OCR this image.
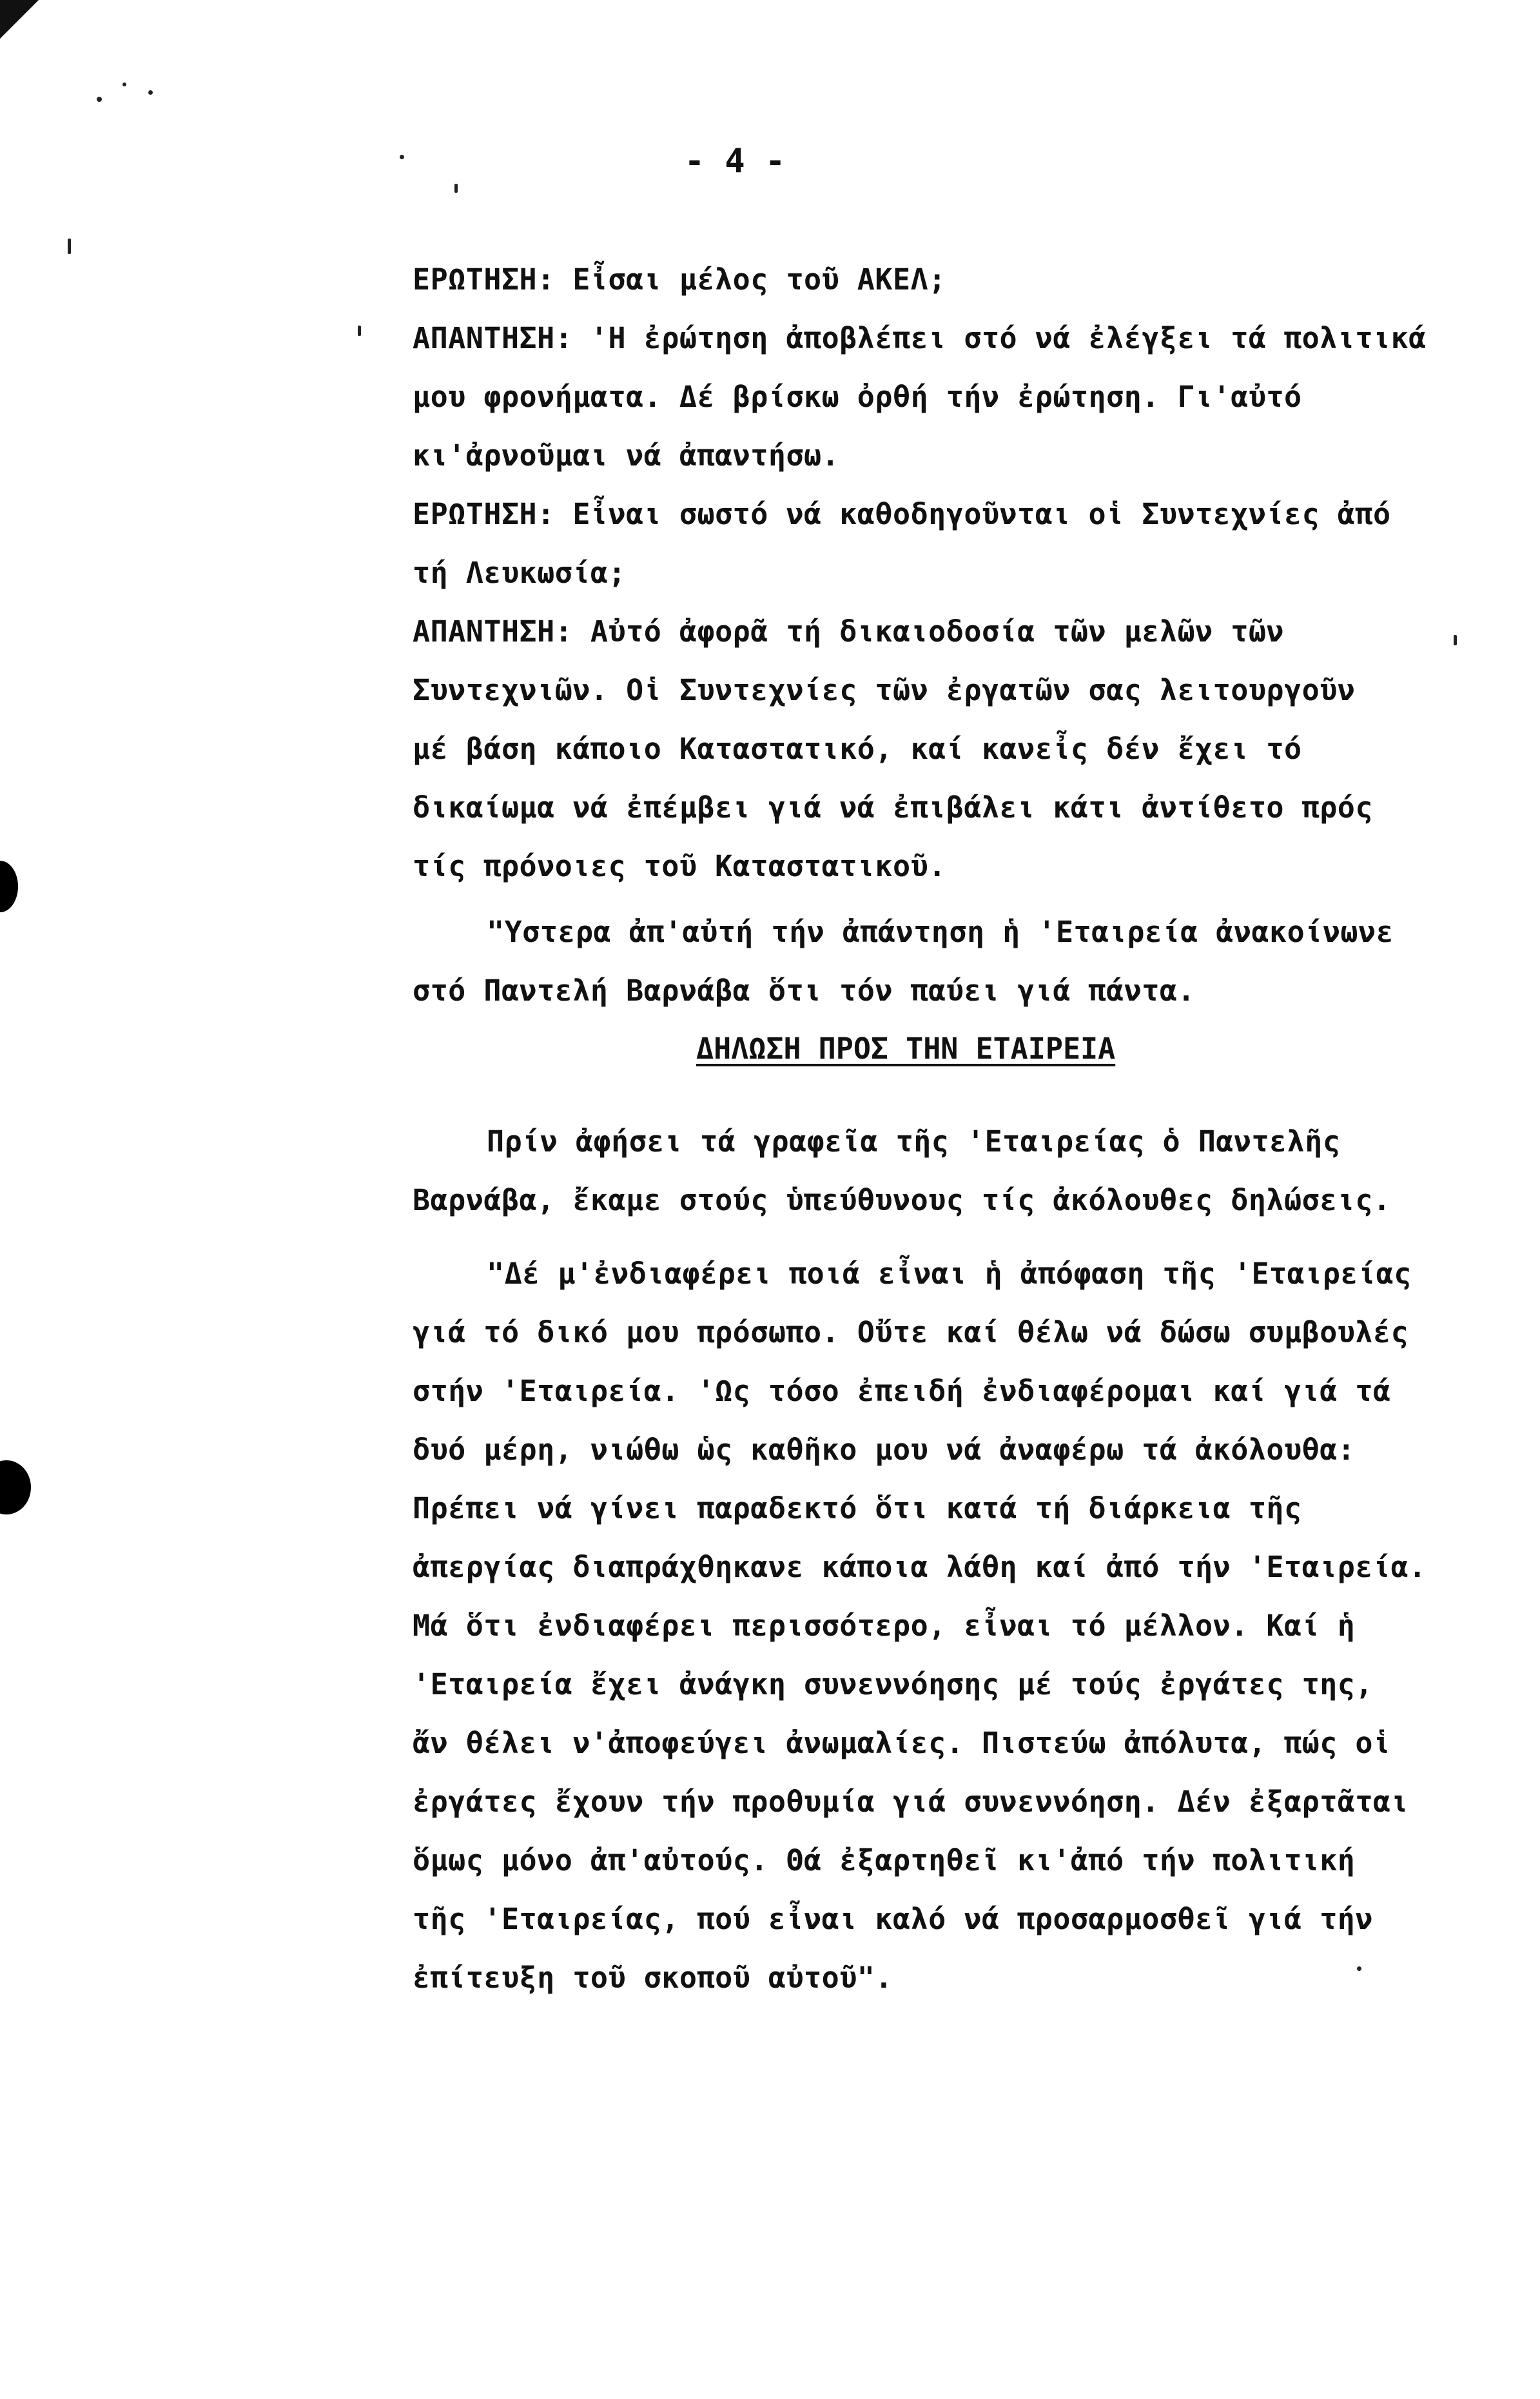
- 4 -
ΕΡΩΤΗΣΗ: Εἶσαι μέλος τοῦ ΑΚΕΛ;
ΑΠΑΝΤΗΣΗ: 'Η ἐρώτηση ἀποβλέπει στό νά ἐλέγξει τά πολιτικά
μου φρονήματα. Δέ βρίσκω ὀρθή τήν ἐρώτηση. Γι'αὐτό
κι'ἀρνοῦμαι νά ἀπαντήσω.
ΕΡΩΤΗΣΗ: Εἶναι σωστό νά καθοδηγοῦνται οἱ Συντεχνίες ἀπό
τή Λευκωσία;
ΑΠΑΝΤΗΣΗ: Αὐτό ἀφορᾶ τή δικαιοδοσία τῶν μελῶν τῶν
Συντεχνιῶν. Οἱ Συντεχνίες τῶν ἐργατῶν σας λειτουργοῦν
μέ βάση κάποιο Καταστατικό, καί κανεἶς δέν ἔχει τό
δικαίωμα νά ἐπέμβει γιά νά ἐπιβάλει κάτι ἀντίθετο πρός
τίς πρόνοιες τοῦ Καταστατικοῦ.
"Υστερα ἀπ'αὐτή τήν ἀπάντηση ἡ 'Εταιρεία ἀνακοίνωνε
στό Παντελή Βαρνάβα ὅτι τόν παύει γιά πάντα.
ΔΗΛΩΣΗ ΠΡΟΣ ΤΗΝ ΕΤΑΙΡΕΙΑ
Πρίν ἀφήσει τά γραφεῖα τῆς 'Εταιρείας ὁ Παντελῆς
Βαρνάβα, ἔκαμε στούς ὑπεύθυνους τίς ἀκόλουθες δηλώσεις.
"Δέ μ'ἐνδιαφέρει ποιά εἶναι ἡ ἀπόφαση τῆς 'Εταιρείας
γιά τό δικό μου πρόσωπο. Οὔτε καί θέλω νά δώσω συμβουλές
στήν 'Εταιρεία. 'Ως τόσο ἐπειδή ἐνδιαφέρομαι καί γιά τά
δυό μέρη, νιώθω ὡς καθῆκο μου νά ἀναφέρω τά ἀκόλουθα:
Πρέπει νά γίνει παραδεκτό ὅτι κατά τή διάρκεια τῆς
ἀπεργίας διαπράχθηκανε κάποια λάθη καί ἀπό τήν 'Εταιρεία.
Μά ὅτι ἐνδιαφέρει περισσότερο, εἶναι τό μέλλον. Καί ἡ
'Εταιρεία ἔχει ἀνάγκη συνεννόησης μέ τούς ἐργάτες της,
ἄν θέλει ν'ἀποφεύγει ἀνωμαλίες. Πιστεύω ἀπόλυτα, πώς οἱ
ἐργάτες ἔχουν τήν προθυμία γιά συνεννόηση. Δέν ἐξαρτᾶται
ὅμως μόνο ἀπ'αὐτούς. Θά ἐξαρτηθεῖ κι'ἀπό τήν πολιτική
τῆς 'Εταιρείας, πού εἶναι καλό νά προσαρμοσθεῖ γιά τήν
ἐπίτευξη τοῦ σκοποῦ αὐτοῦ".
